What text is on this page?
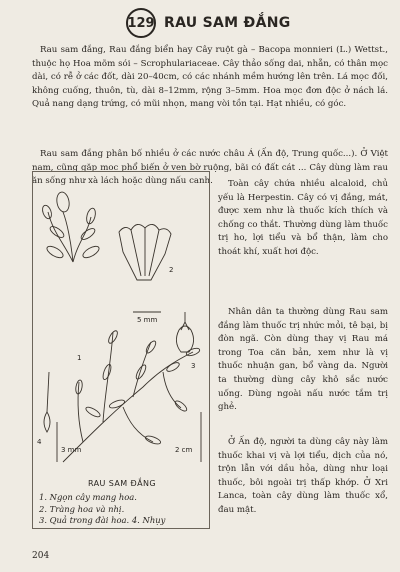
129 RAU SAM ĐẮNG
Rau sam đắng, Rau đắng biển hay Cây ruột gà – Bacopa monnieri (L.) Wettst., thuộc họ Hoa mõm sói – Scrophulariaceae. Cây thảo sống dai, nhẵn, có thân mọc dài, có rễ ở các đốt, dài 20–40cm, có các nhánh mềm hướng lên trên. Lá mọc đối, không cuống, thuôn, tù, dài 8–12mm, rộng 3–5mm. Hoa mọc đơn độc ở nách lá. Quả nang dạng trứng, có mũi nhọn, mang vòi tồn tại. Hạt nhiều, có góc.
Rau sam đắng phân bố nhiều ở các nước châu Á (Ấn độ, Trung quốc...). Ở Việt nam, cũng gặp mọc phổ biến ở ven bờ ruộng, bãi có đất cát ... Cây dùng làm rau ăn sống như xà lách hoặc dùng nấu canh.
1
2
3
4
5 mm
3 mm	2 cm
RAU SAM ĐẮNG
1. Ngọn cây mang hoa.
2. Tràng hoa và nhị.
3. Quả trong đài hoa. 4. Nhụy
Toàn cây chứa nhiều alcaloid, chủ yếu là Herpestin. Cây có vị đắng, mát, được xem như là thuốc kích thích và chống co thắt. Thường dùng làm thuốc trị ho, lợi tiểu và bổ thận, làm cho thoát khí, xuất hơi độc.
Nhân dân ta thường dùng Rau sam đắng làm thuốc trị nhức mỏi, tê bại, bị đòn ngã. Còn dùng thay vị Rau má trong Toa căn bản, xem như là vị thuốc nhuận gan, bổ vàng da. Người ta thường dùng cây khô sắc nước uống. Dùng ngoài nấu nước tắm trị ghẻ.
Ở Ấn độ, người ta dùng cây này làm thuốc khai vị và lợi tiểu, dịch của nó, trộn lẫn với dầu hỏa, dùng như loại thuốc, bôi ngoài trị thấp khớp. Ở Xri Lanca, toàn cây dùng làm thuốc xổ, đau mật.
204
